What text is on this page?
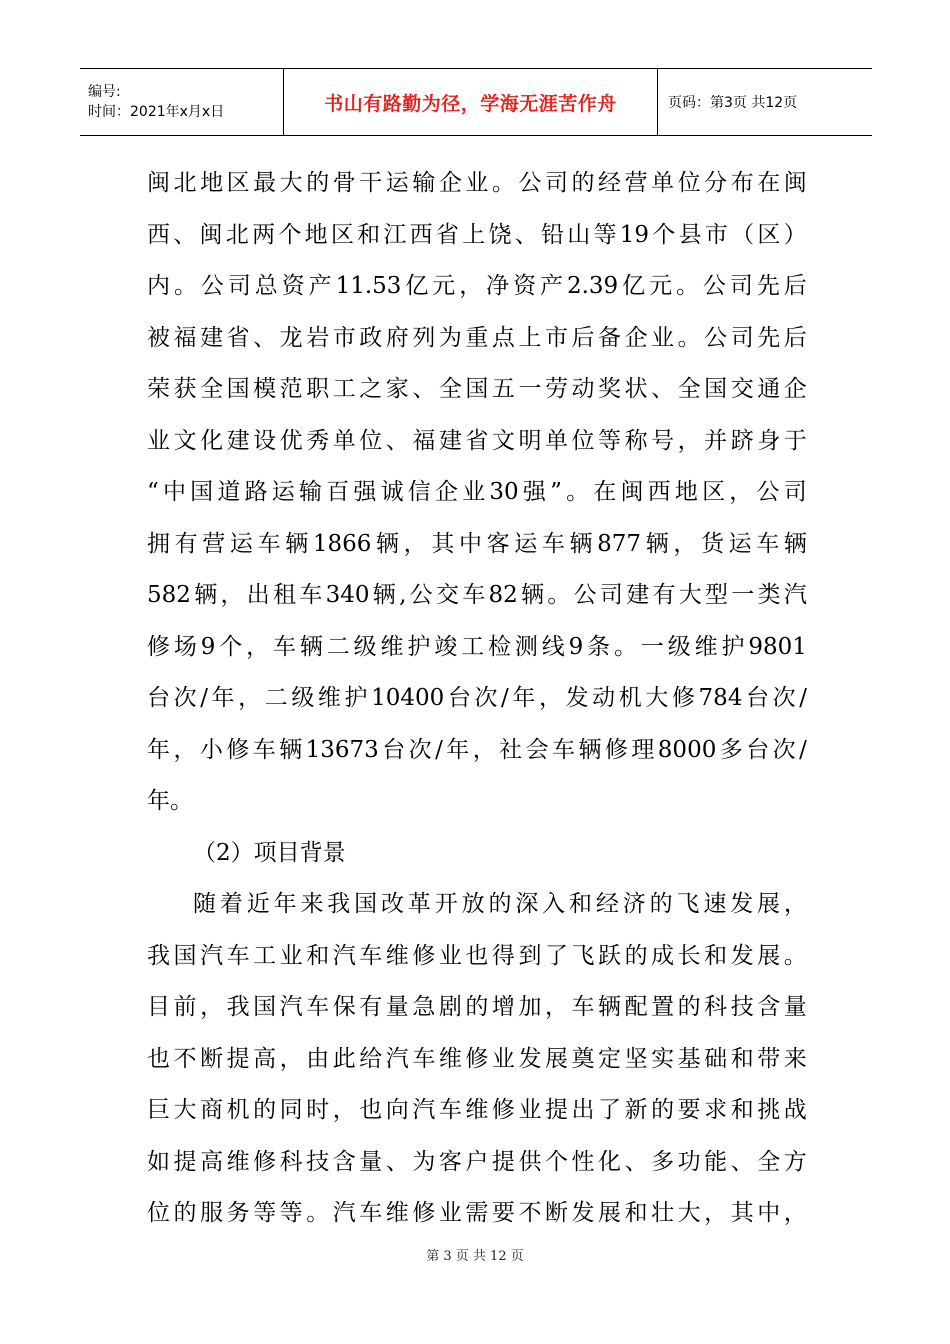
编号:
时间：2021年x月x日	书山有路勤为径，学海无涯苦作舟	页码：第3页 共12页
闽 北 地 区 最 大 的 骨 干 运 输 企 业 。 公 司 的 经 营 单 位 分 布 在 闽
西 、 闽 北 两 个 地 区 和 江 西 省 上 饶 、 铅 山 等 19 个 县 市 （ 区 ）
内 。 公 司 总 资 产 11.53 亿 元 ， 净 资 产 2.39 亿 元 。 公 司 先 后
被 福 建 省 、 龙 岩 市 政 府 列 为 重 点 上 市 后 备 企 业 。 公 司 先 后
荣 获 全 国 模 范 职 工 之 家 、 全 国 五 一 劳 动 奖 状 、 全 国 交 通 企
业 文 化 建 设 优 秀 单 位 、 福 建 省 文 明 单 位 等 称 号 ， 并 跻 身 于
“ 中 国 道 路 运 输 百 强 诚 信 企 业 30 强 ” 。 在 闽 西 地 区 ， 公 司
拥 有 营 运 车 辆 1866 辆 ， 其 中 客 运 车 辆 877 辆 ， 货 运 车 辆
582 辆 ， 出 租 车 340 辆 , 公 交 车 82 辆 。 公 司 建 有 大 型 一 类 汽
修 场 9 个 ， 车 辆 二 级 维 护 竣 工 检 测 线 9 条 。 一 级 维 护 9801
台 次 / 年 ， 二 级 维 护 10400 台 次 / 年 ， 发 动 机 大 修 784 台 次 /
年 ， 小 修 车 辆 13673 台 次 / 年 ， 社 会 车 辆 修 理 8000 多 台 次 /
年。
（2）项目背景
随 着 近 年 来 我 国 改 革 开 放 的 深 入 和 经 济 的 飞 速 发 展 ，
我 国 汽 车 工 业 和 汽 车 维 修 业 也 得 到 了 飞 跃 的 成 长 和 发 展 。
目 前 ， 我 国 汽 车 保 有 量 急 剧 的 增 加 ， 车 辆 配 置 的 科 技 含 量
也 不 断 提 高 ， 由 此 给 汽 车 维 修 业 发 展 奠 定 坚 实 基 础 和 带 来
巨 大 商 机 的 同 时 ， 也 向 汽 车 维 修 业 提 出 了 新 的 要 求 和 挑 战
如 提 高 维 修 科 技 含 量 、 为 客 户 提 供 个 性 化 、 多 功 能 、 全 方
位 的 服 务 等 等 。 汽 车 维 修 业 需 要 不 断 发 展 和 壮 大 ， 其 中 ，
第 3 页 共 12 页
